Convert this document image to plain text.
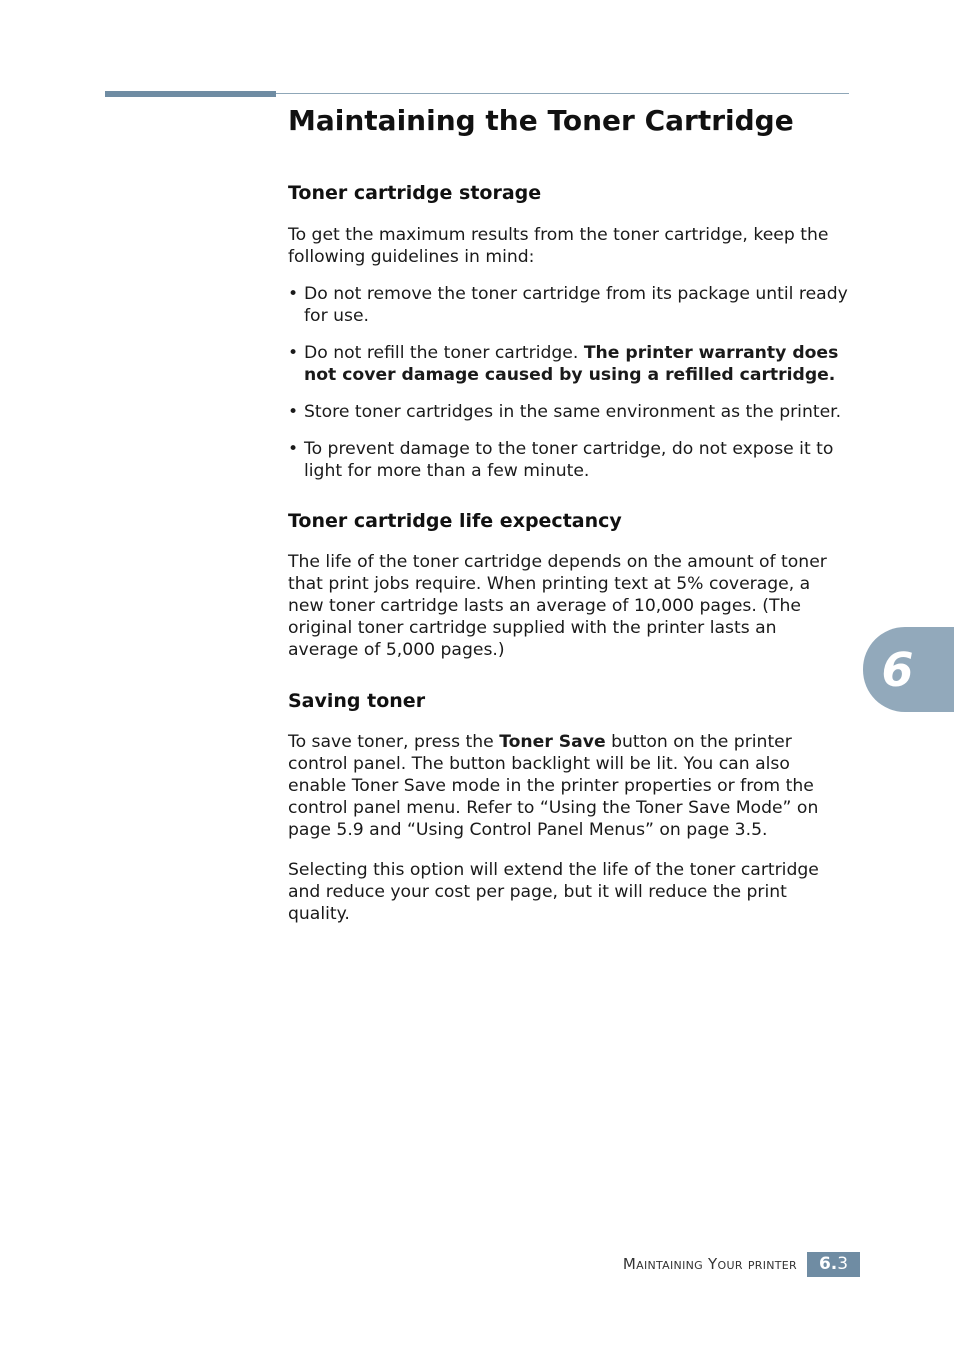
Maintaining the Toner Cartridge
Toner cartridge storage

To get the maximum results from the toner cartridge, keep the following guidelines in mind:

• Do not remove the toner cartridge from its package until ready for use.
• Do not refill the toner cartridge. The printer warranty does not cover damage caused by using a refilled cartridge.
• Store toner cartridges in the same environment as the printer.
• To prevent damage to the toner cartridge, do not expose it to light for more than a few minute.
Toner cartridge life expectancy

The life of the toner cartridge depends on the amount of toner that print jobs require. When printing text at 5% coverage, a new toner cartridge lasts an average of 10,000 pages. (The original toner cartridge supplied with the printer lasts an average of 5,000 pages.)

Saving toner

To save toner, press the Toner Save button on the printer control panel. The button backlight will be lit. You can also enable Toner Save mode in the printer properties or from the control panel menu. Refer to “Using the Toner Save Mode” on page 5.9 and “Using Control Panel Menus” on page 3.5.

Selecting this option will extend the life of the toner cartridge and reduce your cost per page, but it will reduce the print quality.

6
Maintaining Your printer	6.3
